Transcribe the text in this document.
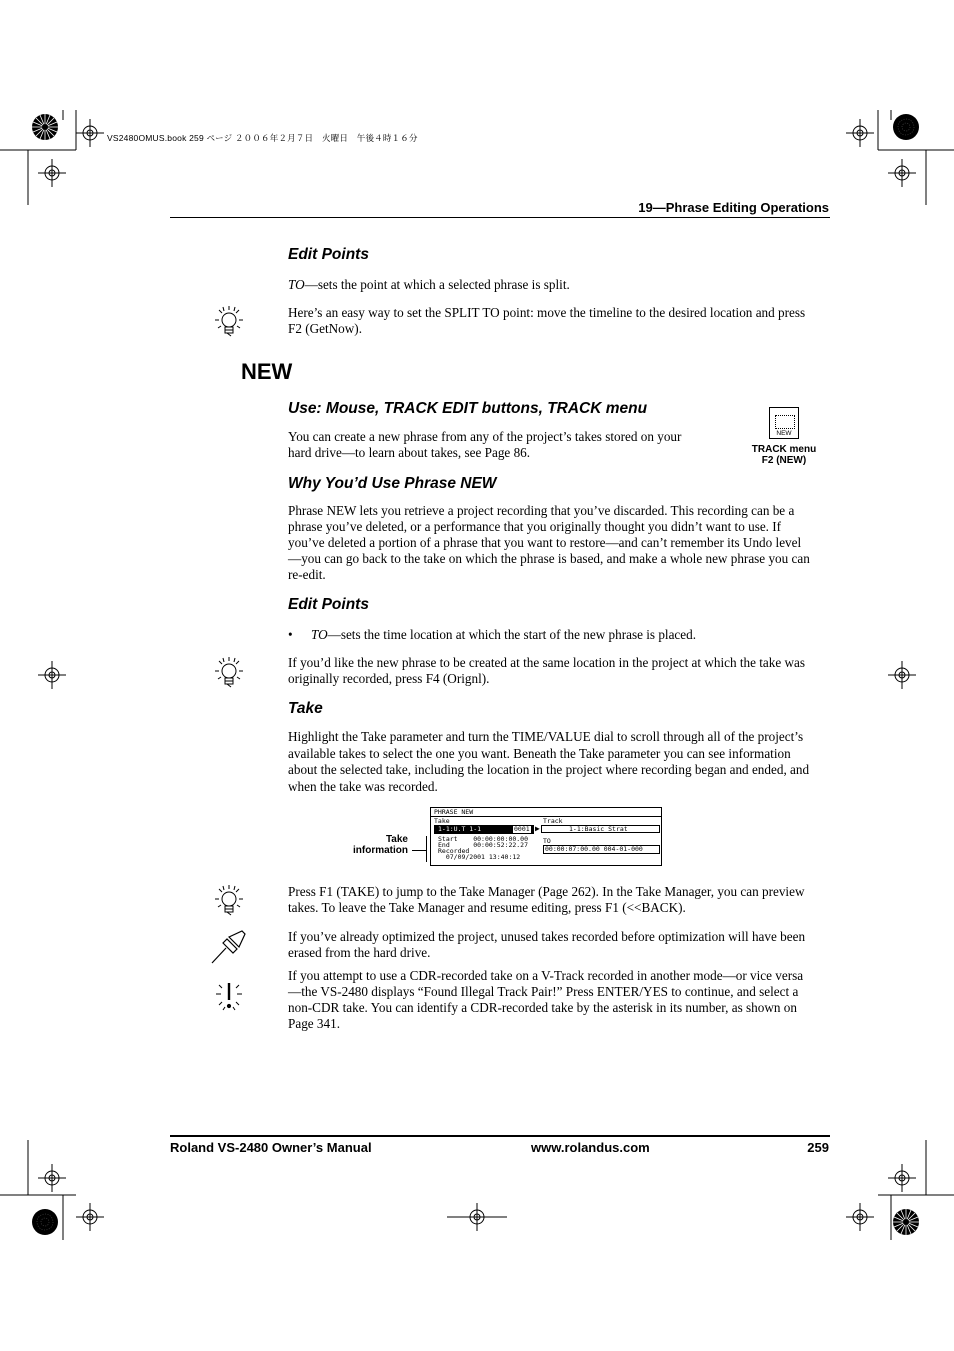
VS2480OMUS.book 259 ページ ２００６年２月７日　火曜日　午後４時１６分
19—Phrase Editing Operations
Edit Points
TO—sets the point at which a selected phrase is split.
Here’s an easy way to set the SPLIT TO point: move the timeline to the desired location and press F2 (GetNow).
NEW
Use: Mouse, TRACK EDIT buttons, TRACK menu
You can create a new phrase from any of the project’s takes stored on your hard drive—to learn about takes, see Page 86.
NEW
TRACK menu
F2 (NEW)
Why You’d Use Phrase NEW
Phrase NEW lets you retrieve a project recording that you’ve discarded. This recording can be a phrase you’ve deleted, or a performance that you originally thought you didn’t want to use. If you’ve deleted a portion of a phrase that you want to restore—and can’t remember its Undo level—you can go back to the take on which the phrase is based, and make a whole new phrase you can re-edit.
Edit Points
• TO—sets the time location at which the start of the new phrase is placed.
If you’d like the new phrase to be created at the same location in the project at which the take was originally recorded, press F4 (Orignl).
Take
Highlight the Take parameter and turn the TIME/VALUE dial to scroll through all of the project’s available takes to select the one you want. Beneath the Take parameter you can see information about the selected take, including the location in the project where recording began and ended, and when the take was recorded.
Take
information
PHRASE NEW
Take	Track
1-1:U.T 1-1	0001 ▶	1-1:Basic Strat
Start    00:00:00:00.00
End      00:00:52:22.27
Recorded
07/09/2001 13:40:12
TO
00:00:07:00.00 004-01-000
Press F1 (TAKE) to jump to the Take Manager (Page 262). In the Take Manager, you can preview takes. To leave the Take Manager and resume editing, press F1 (<<BACK).
If you’ve already optimized the project, unused takes recorded before optimization will have been erased from the hard drive.
If you attempt to use a CDR-recorded take on a V-Track recorded in another mode—or vice versa—the VS-2480 displays “Found Illegal Track Pair!” Press ENTER/YES to continue, and select a non-CDR take. You can identify a CDR-recorded take by the asterisk in its number, as shown on Page 341.
Roland VS-2480 Owner’s Manual	www.rolandus.com	259
